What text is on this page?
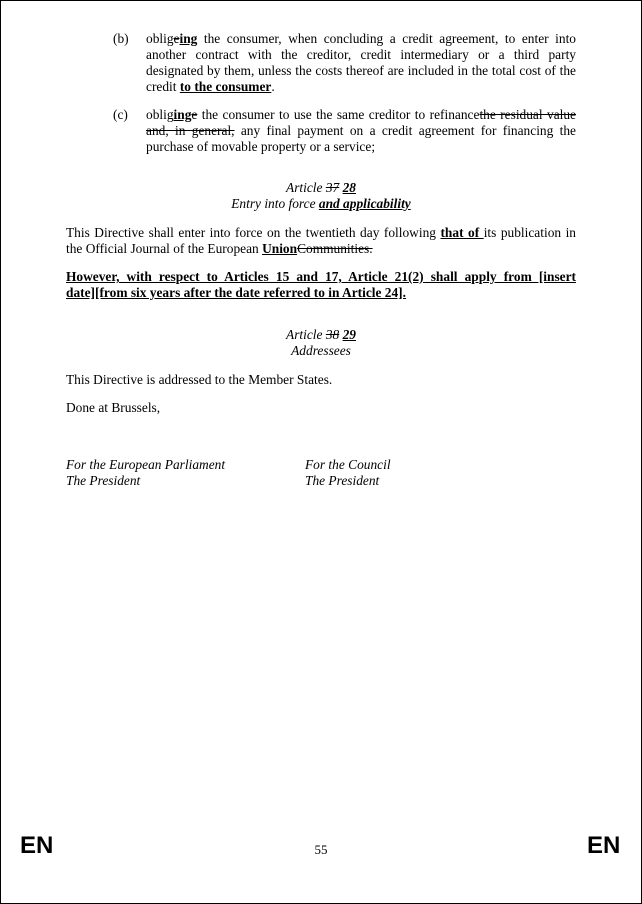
(b) obligeing the consumer, when concluding a credit agreement, to enter into
another contract with the creditor, credit intermediary or a third party
designated by them, unless the costs thereof are included in the total cost of the
credit to the consumer.
(c) obliginge the consumer to use the same creditor to refinancethe residual value
and, in general, any final payment on a credit agreement for financing the
purchase of movable property or a service;
Article 37 28
Entry into force and applicability
This Directive shall enter into force on the twentieth day following that of its publication in
the Official Journal of the European UnionCommunities.
However, with respect to Articles 15 and 17, Article 21(2) shall apply from [insert
date][from six years after the date referred to in Article 24].
Article 38 29
Addressees
This Directive is addressed to the Member States.
Done at Brussels,
For the European Parliament
The President
For the Council
The President
EN	55	EN
